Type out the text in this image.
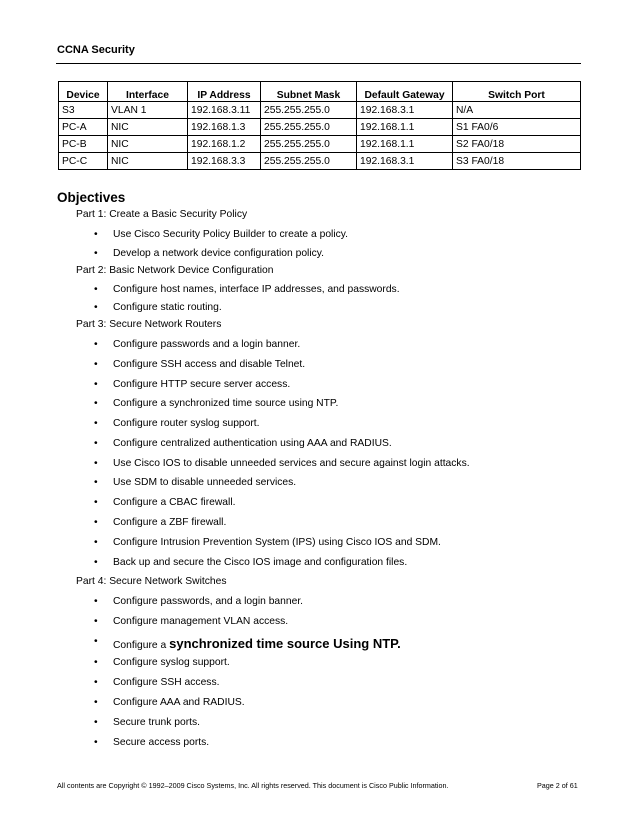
CCNA Security
Device	Interface	IP Address	Subnet Mask	Default Gateway	Switch Port
S3	VLAN 1	192.168.3.11	255.255.255.0	192.168.3.1	N/A
PC-A	NIC	192.168.1.3	255.255.255.0	192.168.1.1	S1 FA0/6
PC-B	NIC	192.168.1.2	255.255.255.0	192.168.1.1	S2 FA0/18
PC-C	NIC	192.168.3.3	255.255.255.0	192.168.3.1	S3 FA0/18
Objectives
Part 1: Create a Basic Security Policy
• Use Cisco Security Policy Builder to create a policy.
• Develop a network device configuration policy.
Part 2: Basic Network Device Configuration
• Configure host names, interface IP addresses, and passwords.
• Configure static routing.
Part 3: Secure Network Routers
• Configure passwords and a login banner.
• Configure SSH access and disable Telnet.
• Configure HTTP secure server access.
• Configure a synchronized time source using NTP.
• Configure router syslog support.
• Configure centralized authentication using AAA and RADIUS.
• Use Cisco IOS to disable unneeded services and secure against login attacks.
• Use SDM to disable unneeded services.
• Configure a CBAC firewall.
• Configure a ZBF firewall.
• Configure Intrusion Prevention System (IPS) using Cisco IOS and SDM.
• Back up and secure the Cisco IOS image and configuration files.
Part 4: Secure Network Switches
• Configure passwords, and a login banner.
• Configure management VLAN access.
• Configure a synchronized time source Using NTP.
• Configure syslog support.
• Configure SSH access.
• Configure AAA and RADIUS.
• Secure trunk ports.
• Secure access ports.
All contents are Copyright © 1992–2009 Cisco Systems, Inc. All rights reserved. This document is Cisco Public Information.	Page 2 of 61
